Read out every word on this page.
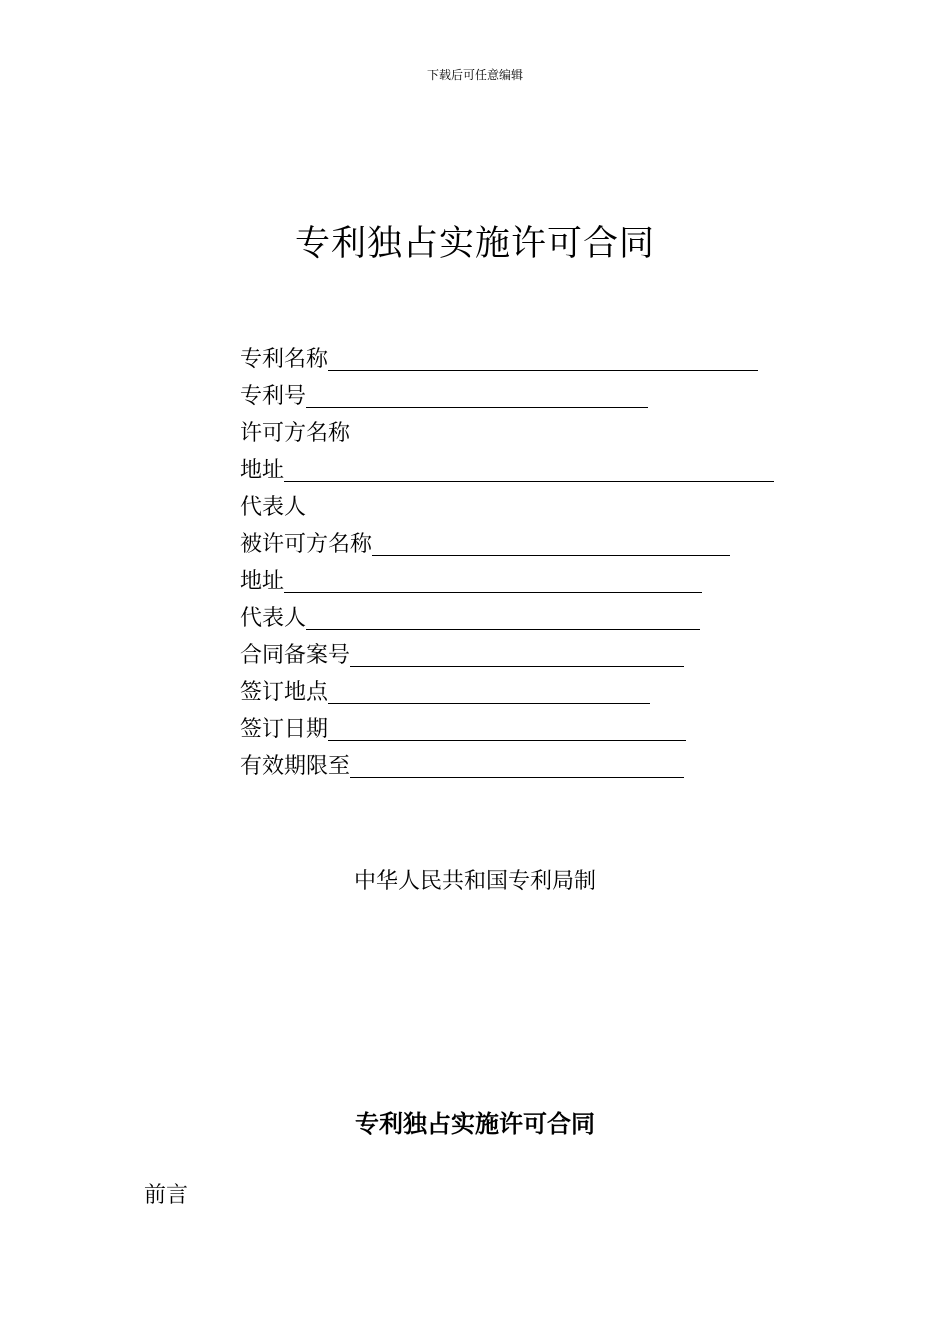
下载后可任意编辑
专利独占实施许可合同
专利名称
专利号
许可方名称
地址
代表人
被许可方名称
地址
代表人
合同备案号
签订地点
签订日期
有效期限至
中华人民共和国专利局制
专利独占实施许可合同
前言
